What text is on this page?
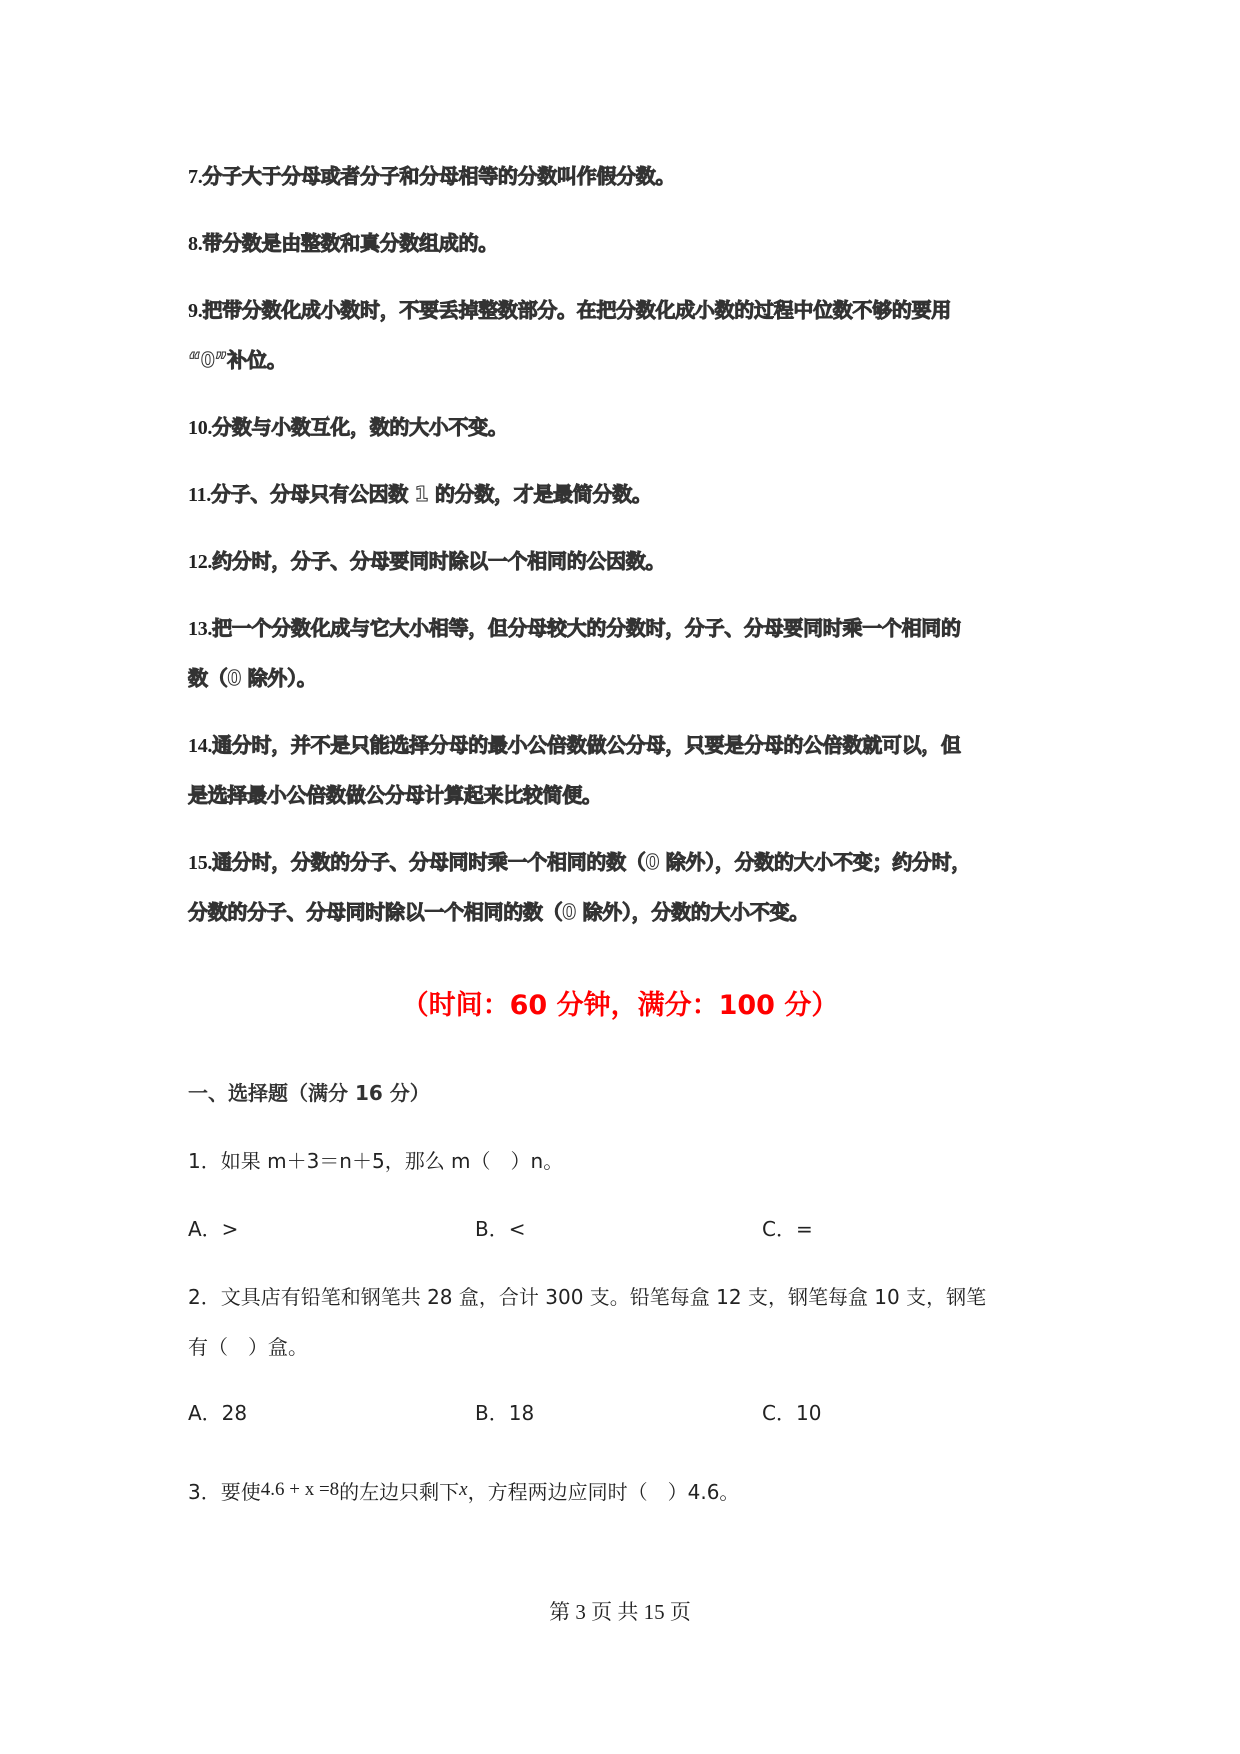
7.分子大于分母或者分子和分母相等的分数叫作假分数。
8.带分数是由整数和真分数组成的。
9.把带分数化成小数时，不要丢掉整数部分。在把分数化成小数的过程中位数不够的要用
“0”补位。
10.分数与小数互化，数的大小不变。
11.分子、分母只有公因数 1 的分数，才是最简分数。
12.约分时，分子、分母要同时除以一个相同的公因数。
13.把一个分数化成与它大小相等，但分母较大的分数时，分子、分母要同时乘一个相同的
数（0 除外）。
14.通分时，并不是只能选择分母的最小公倍数做公分母，只要是分母的公倍数就可以，但
是选择最小公倍数做公分母计算起来比较简便。
15.通分时，分数的分子、分母同时乘一个相同的数（0 除外），分数的大小不变；约分时，
分数的分子、分母同时除以一个相同的数（0 除外），分数的大小不变。
（时间：60 分钟，满分：100 分）
一、选择题（满分 16 分）
1．如果 m＋3＝n＋5，那么 m（　）n。
A．>	B．<	C．=
2．文具店有铅笔和钢笔共 28 盒，合计 300 支。铅笔每盒 12 支，钢笔每盒 10 支，钢笔
有（　）盒。
A．28	B．18	C．10
3．要使4.6 + x =8的左边只剩下x，方程两边应同时（　）4.6。
第 3 页 共 15 页
